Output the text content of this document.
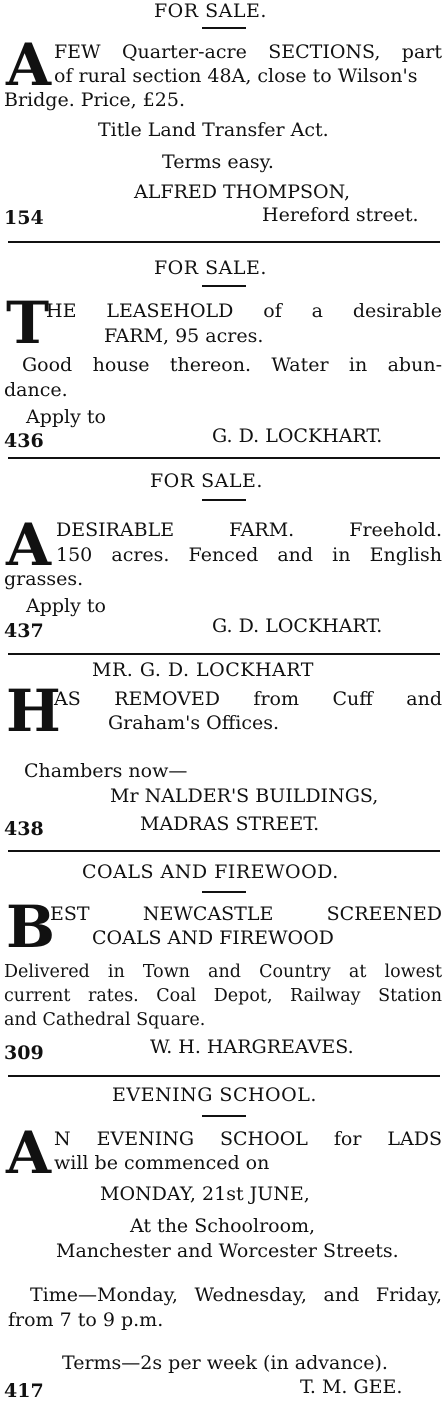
FOR SALE.
A FEW Quarter-acre SECTIONS, part
of rural section 48A, close to Wilson's
Bridge. Price, £25.
Title Land Transfer Act.
Terms easy.
ALFRED THOMPSON,
154	Hereford street.
FOR SALE.
T
HE LEASEHOLD of a desirable
FARM, 95 acres.
Good house thereon. Water in abun-
dance.
Apply to
436	G. D. LOCKHART.
FOR SALE.
A DESIRABLE FARM. Freehold.
150 acres. Fenced and in English
grasses.
Apply to
437	G. D. LOCKHART.
MR. G. D. LOCKHART
H
AS REMOVED from Cuff and
Graham's Offices.
Chambers now—
Mr NALDER'S BUILDINGS,
438	MADRAS STREET.
COALS AND FIREWOOD.
B
EST NEWCASTLE SCREENED
COALS AND FIREWOOD
Delivered in Town and Country at lowest
current rates. Coal Depot, Railway Station
and Cathedral Square.
309	W. H. HARGREAVES.
EVENING SCHOOL.
A N EVENING SCHOOL for LADS
will be commenced on
MONDAY, 21st JUNE,
At the Schoolroom,
Manchester and Worcester Streets.
Time—Monday, Wednesday, and Friday,
from 7 to 9 p.m.
Terms—2s per week (in advance).
417	T. M. GEE.
